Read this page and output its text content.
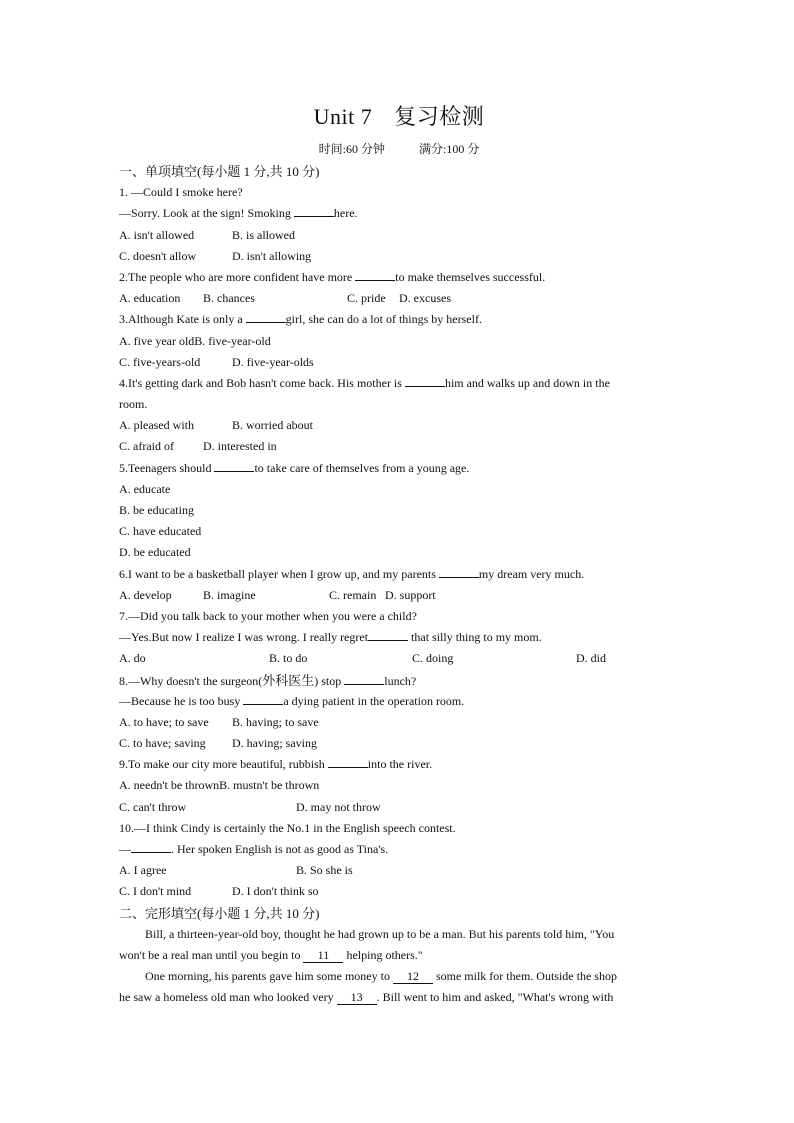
Unit 7 复习检测
时间:60 分钟	满分:100 分
一、单项填空(每小题 1 分,共 10 分)
1. —Could I smoke here?
—Sorry. Look at the sign! Smoking	here.
A. isn't allowed	B. is allowed
C. doesn't allow	D. isn't allowing
2.The people who are more confident have more	to make themselves successful.
A. education B. chances	C. pride D. excuses
3.Although Kate is only a	girl, she can do a lot of things by herself.
A. five year oldB. five-year-old
C. five-years-old	D. five-year-olds
4.It's getting dark and Bob hasn't come back. His mother is	him and walks up and down in the
room.
A. pleased with	B. worried about
C. afraid of D. interested in
5.Teenagers should	to take care of themselves from a young age.
A. educate
B. be educating
C. have educated
D. be educated
6.I want to be a basketball player when I grow up, and my parents	my dream very much.
A. develop	B. imagine	C. remain D. support
7.—Did you talk back to your mother when you were a child?
—Yes.But now I realize I was wrong. I really regret	that silly thing to my mom.
A. do	B. to do	C. doing	D. did
8.—Why doesn't the surgeon(外科医生) stop	lunch?
—Because he is too busy	a dying patient in the operation room.
A. to have; to save B. having; to save
C. to have; saving D. having; saving
9.To make our city more beautiful, rubbish	into the river.
A. needn't be thrownB. mustn't be thrown
C. can't throw	D. may not throw
10.—I think Cindy is certainly the No.1 in the English speech contest.
—	. Her spoken English is not as good as Tina's.
A. I agree	B. So she is
C. I don't mind	D. I don't think so
二、完形填空(每小题 1 分,共 10 分)
Bill, a thirteen-year-old boy, thought he had grown up to be a man. But his parents told him, "You
won't be a real man until you begin to 11 helping others."
One morning, his parents gave him some money to 12 some milk for them. Outside the shop
he saw a homeless old man who looked very 13 . Bill went to him and asked, "What's wrong with
